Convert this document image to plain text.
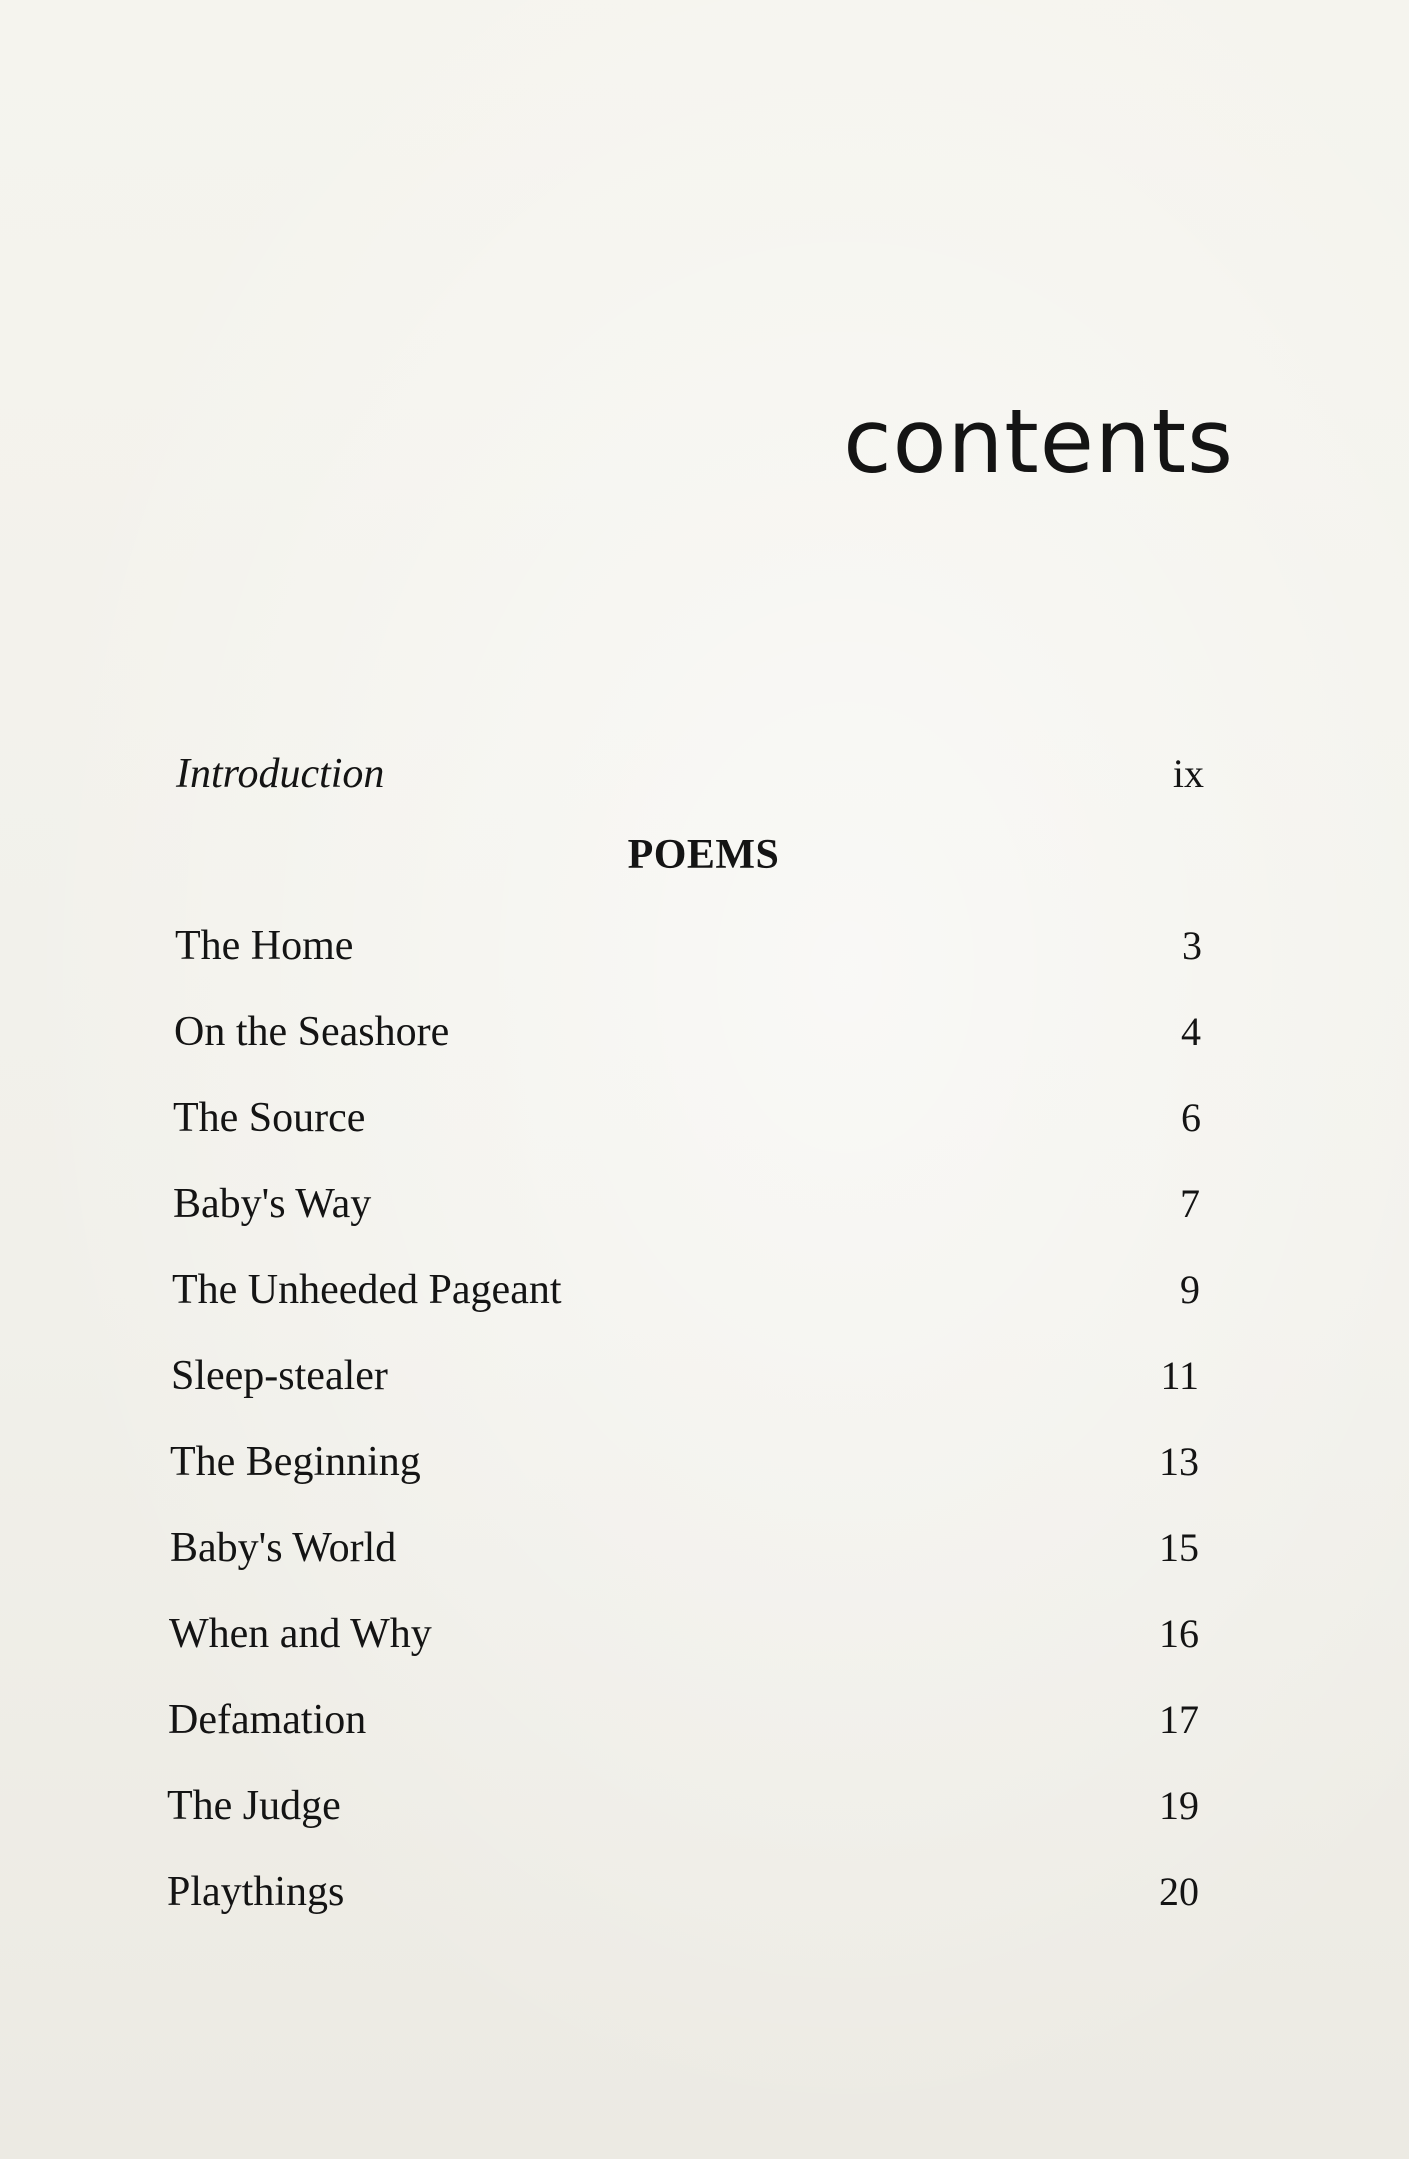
contents
Introduction	ix
POEMS
The Home	3
On the Seashore	4
The Source	6
Baby's Way	7
The Unheeded Pageant	9
Sleep-stealer	11
The Beginning	13
Baby's World	15
When and Why	16
Defamation	17
The Judge	19
Playthings	20
